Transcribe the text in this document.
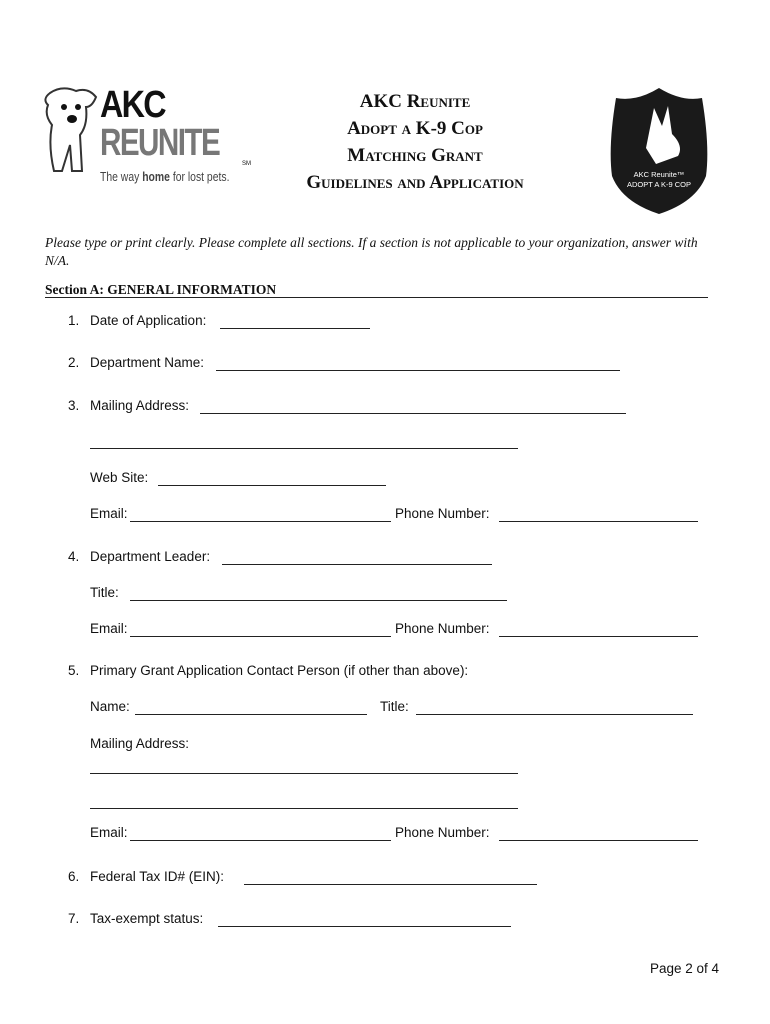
AKC
REUNITE	SM
The way home for lost pets.
AKC Reunite
Adopt a K-9 Cop
Matching Grant
Guidelines and Application	AKC Reunite™
ADOPT A K-9 COP
Please type or print clearly. Please complete all sections. If a section is not applicable to your organization, answer with N/A.
Section A: GENERAL INFORMATION
1. Date of Application:
2. Department Name:
3. Mailing Address:
Web Site:
Email:	Phone Number:
4. Department Leader:
Title:
Email:	Phone Number:
5. Primary Grant Application Contact Person (if other than above):
Name:	Title:
Mailing Address:
Email:	Phone Number:
6. Federal Tax ID# (EIN):
7. Tax-exempt status:
Page 2 of 4
